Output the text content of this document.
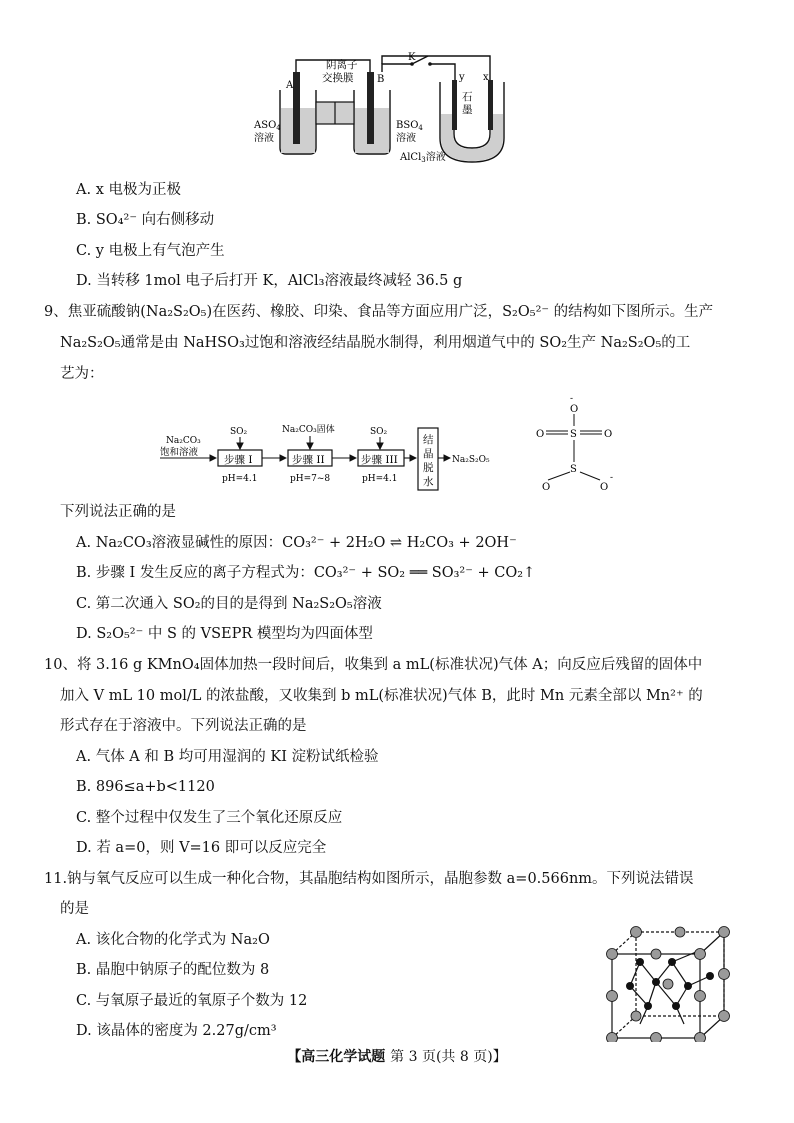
阴离子
交换膜
A
B
K
y x
石
墨
$ASO_4$
溶液
$BSO_4$
溶液
AlCl$_3$溶液
A. x 电极为正极
B. SO₄²⁻ 向右侧移动
C. y 电极上有气泡产生
D. 当转移 1mol 电子后打开 K，AlCl₃溶液最终减轻 36.5 g
9、焦亚硫酸钠(Na₂S₂O₅)在医药、橡胶、印染、食品等方面应用广泛，S₂O₅²⁻ 的结构如下图所示。生产
Na₂S₂O₅通常是由 NaHSO₃过饱和溶液经结晶脱水制得，利用烟道气中的 SO₂生产 Na₂S₂O₅的工
艺为：
Na₂CO₃
饱和溶液
步骤 I
SO₂
pH=4.1
步骤 II
Na₂CO₃固体
pH=7~8
步骤 III
SO₂
pH=4.1
结 晶 脱 水
Na₂S₂O₅
-
O
S
O	O
S
O	O
-
下列说法正确的是
A. Na₂CO₃溶液显碱性的原因：CO₃²⁻ + 2H₂O ⇌ H₂CO₃ + 2OH⁻
B. 步骤 I 发生反应的离子方程式为：CO₃²⁻ + SO₂ ══ SO₃²⁻ + CO₂↑
C. 第二次通入 SO₂的目的是得到 Na₂S₂O₅溶液
D. S₂O₅²⁻ 中 S 的 VSEPR 模型均为四面体型
10、将 3.16 g KMnO₄固体加热一段时间后，收集到 a mL(标准状况)气体 A；向反应后残留的固体中
加入 V mL 10 mol/L 的浓盐酸，又收集到 b mL(标准状况)气体 B，此时 Mn 元素全部以 Mn²⁺ 的
形式存在于溶液中。下列说法正确的是
A. 气体 A 和 B 均可用湿润的 KI 淀粉试纸检验
B. 896≤a+b<1120
C. 整个过程中仅发生了三个氧化还原反应
D. 若 a=0，则 V=16 即可以反应完全
11.钠与氧气反应可以生成一种化合物，其晶胞结构如图所示，晶胞参数 a=0.566nm。下列说法错误
的是
A. 该化合物的化学式为 Na₂O
B. 晶胞中钠原子的配位数为 8
C. 与氧原子最近的氧原子个数为 12
D. 该晶体的密度为 2.27g/cm³
【高三化学试题 第 3 页(共 8 页)】
